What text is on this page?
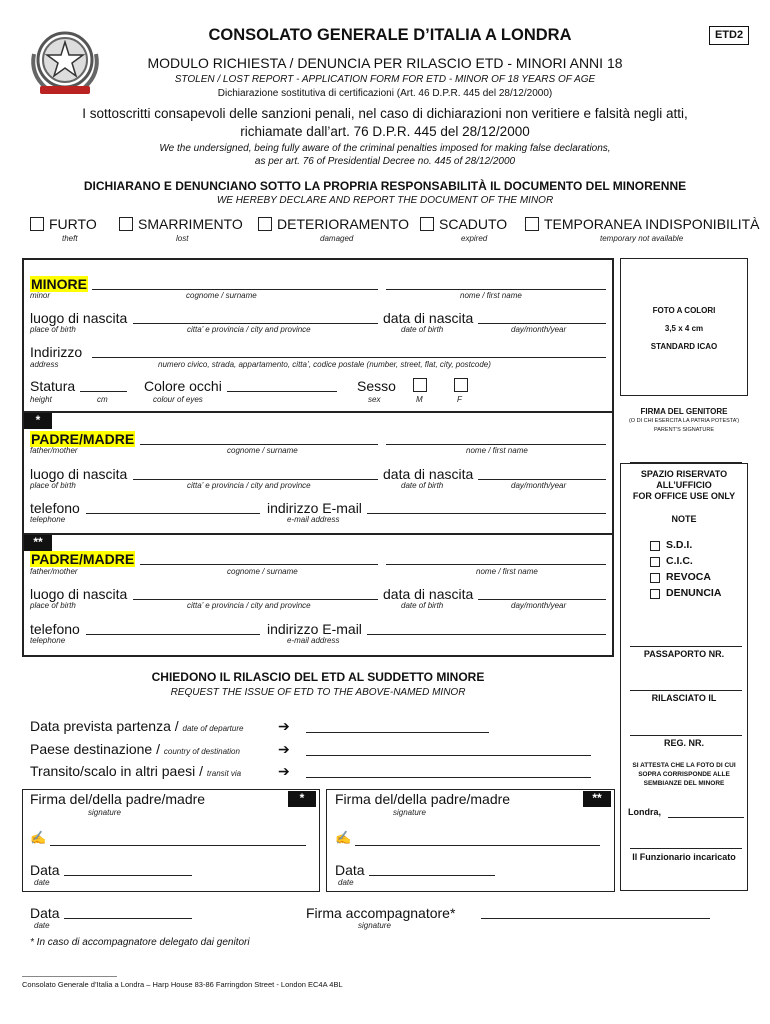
CONSOLATO GENERALE D’ITALIA A LONDRA	ETD2
MODULO RICHIESTA / DENUNCIA PER RILASCIO ETD - MINORI ANNI 18
STOLEN / LOST REPORT - APPLICATION FORM FOR ETD - MINOR OF 18 YEARS OF AGE
Dichiarazione sostitutiva di certificazioni (Art. 46 D.P.R. 445 del 28/12/2000)
I sottoscritti consapevoli delle sanzioni penali, nel caso di dichiarazioni non veritiere e falsità negli atti,
richiamate dall’art. 76 D.P.R. 445 del 28/12/2000
We the undersigned, being fully aware of the criminal penalties imposed for making false declarations,
as per art. 76 of Presidential Decree no. 445 of 28/12/2000
DICHIARANO E DENUNCIANO SOTTO LA PROPRIA RESPONSABILITÀ IL DOCUMENTO DEL MINORENNE
WE HEREBY DECLARE AND REPORT THE DOCUMENT OF THE MINOR
FURTO
theft
SMARRIMENTO
lost
DETERIORAMENTO
damaged
SCADUTO
expired
TEMPORANEA INDISPONIBILITÀ
temporary not available
MINORE
minor	cognome / surname	nome / first name
luogo di nascita	data di nascita
place of birth	citta’ e provincia / city and province	date of birth	day/month/year
Indirizzo
address	numero civico, strada, appartamento, citta’, codice postale (number, street, flat, city, postcode)
Statura	Colore occhi	Sesso
height	cm	colour of eyes	sex	M	F
*
PADRE/MADRE
father/mother	cognome / surname	nome / first name
luogo di nascita	data di nascita
place of birth	citta’ e provincia / city and province	date of birth	day/month/year
telefono	indirizzo E-mail
telephone	e-mail address
**
PADRE/MADRE
father/mother	cognome / surname	nome / first name
luogo di nascita	data di nascita
place of birth	citta’ e provincia / city and province	date of birth	day/month/year
telefono	indirizzo E-mail
telephone	e-mail address
CHIEDONO IL RILASCIO DEL ETD AL SUDDETTO MINORE
REQUEST THE ISSUE OF ETD TO THE ABOVE-NAMED MINOR
Data prevista partenza / date of departure ➔
Paese destinazione / country of destination	➔
Transito/scalo in altri paesi / transit via	➔
Firma del/della padre/madre	*
signature
✍
Data
date
Firma del/della padre/madre	**
signature
✍
Data
date
Data
date
Firma accompagnatore*
signature
* In caso di accompagnatore delegato dai genitori
Consolato Generale d’Italia a Londra – Harp House 83-86 Farringdon Street - London EC4A 4BL
FOTO A COLORI
3,5 x 4 cm
STANDARD ICAO
FIRMA DEL GENITORE
(O DI CHI ESERCITA LA PATRIA POTESTA’)
PARENT’S SIGNATURE
SPAZIO RISERVATO
ALL’UFFICIO
FOR OFFICE USE ONLY
NOTE
S.D.I.
C.I.C.
REVOCA
DENUNCIA
PASSAPORTO NR.
RILASCIATO IL
REG. NR.
SI ATTESTA CHE LA FOTO DI CUI SOPRA CORRISPONDE ALLE SEMBIANZE DEL MINORE
Londra,
Il Funzionario incaricato
